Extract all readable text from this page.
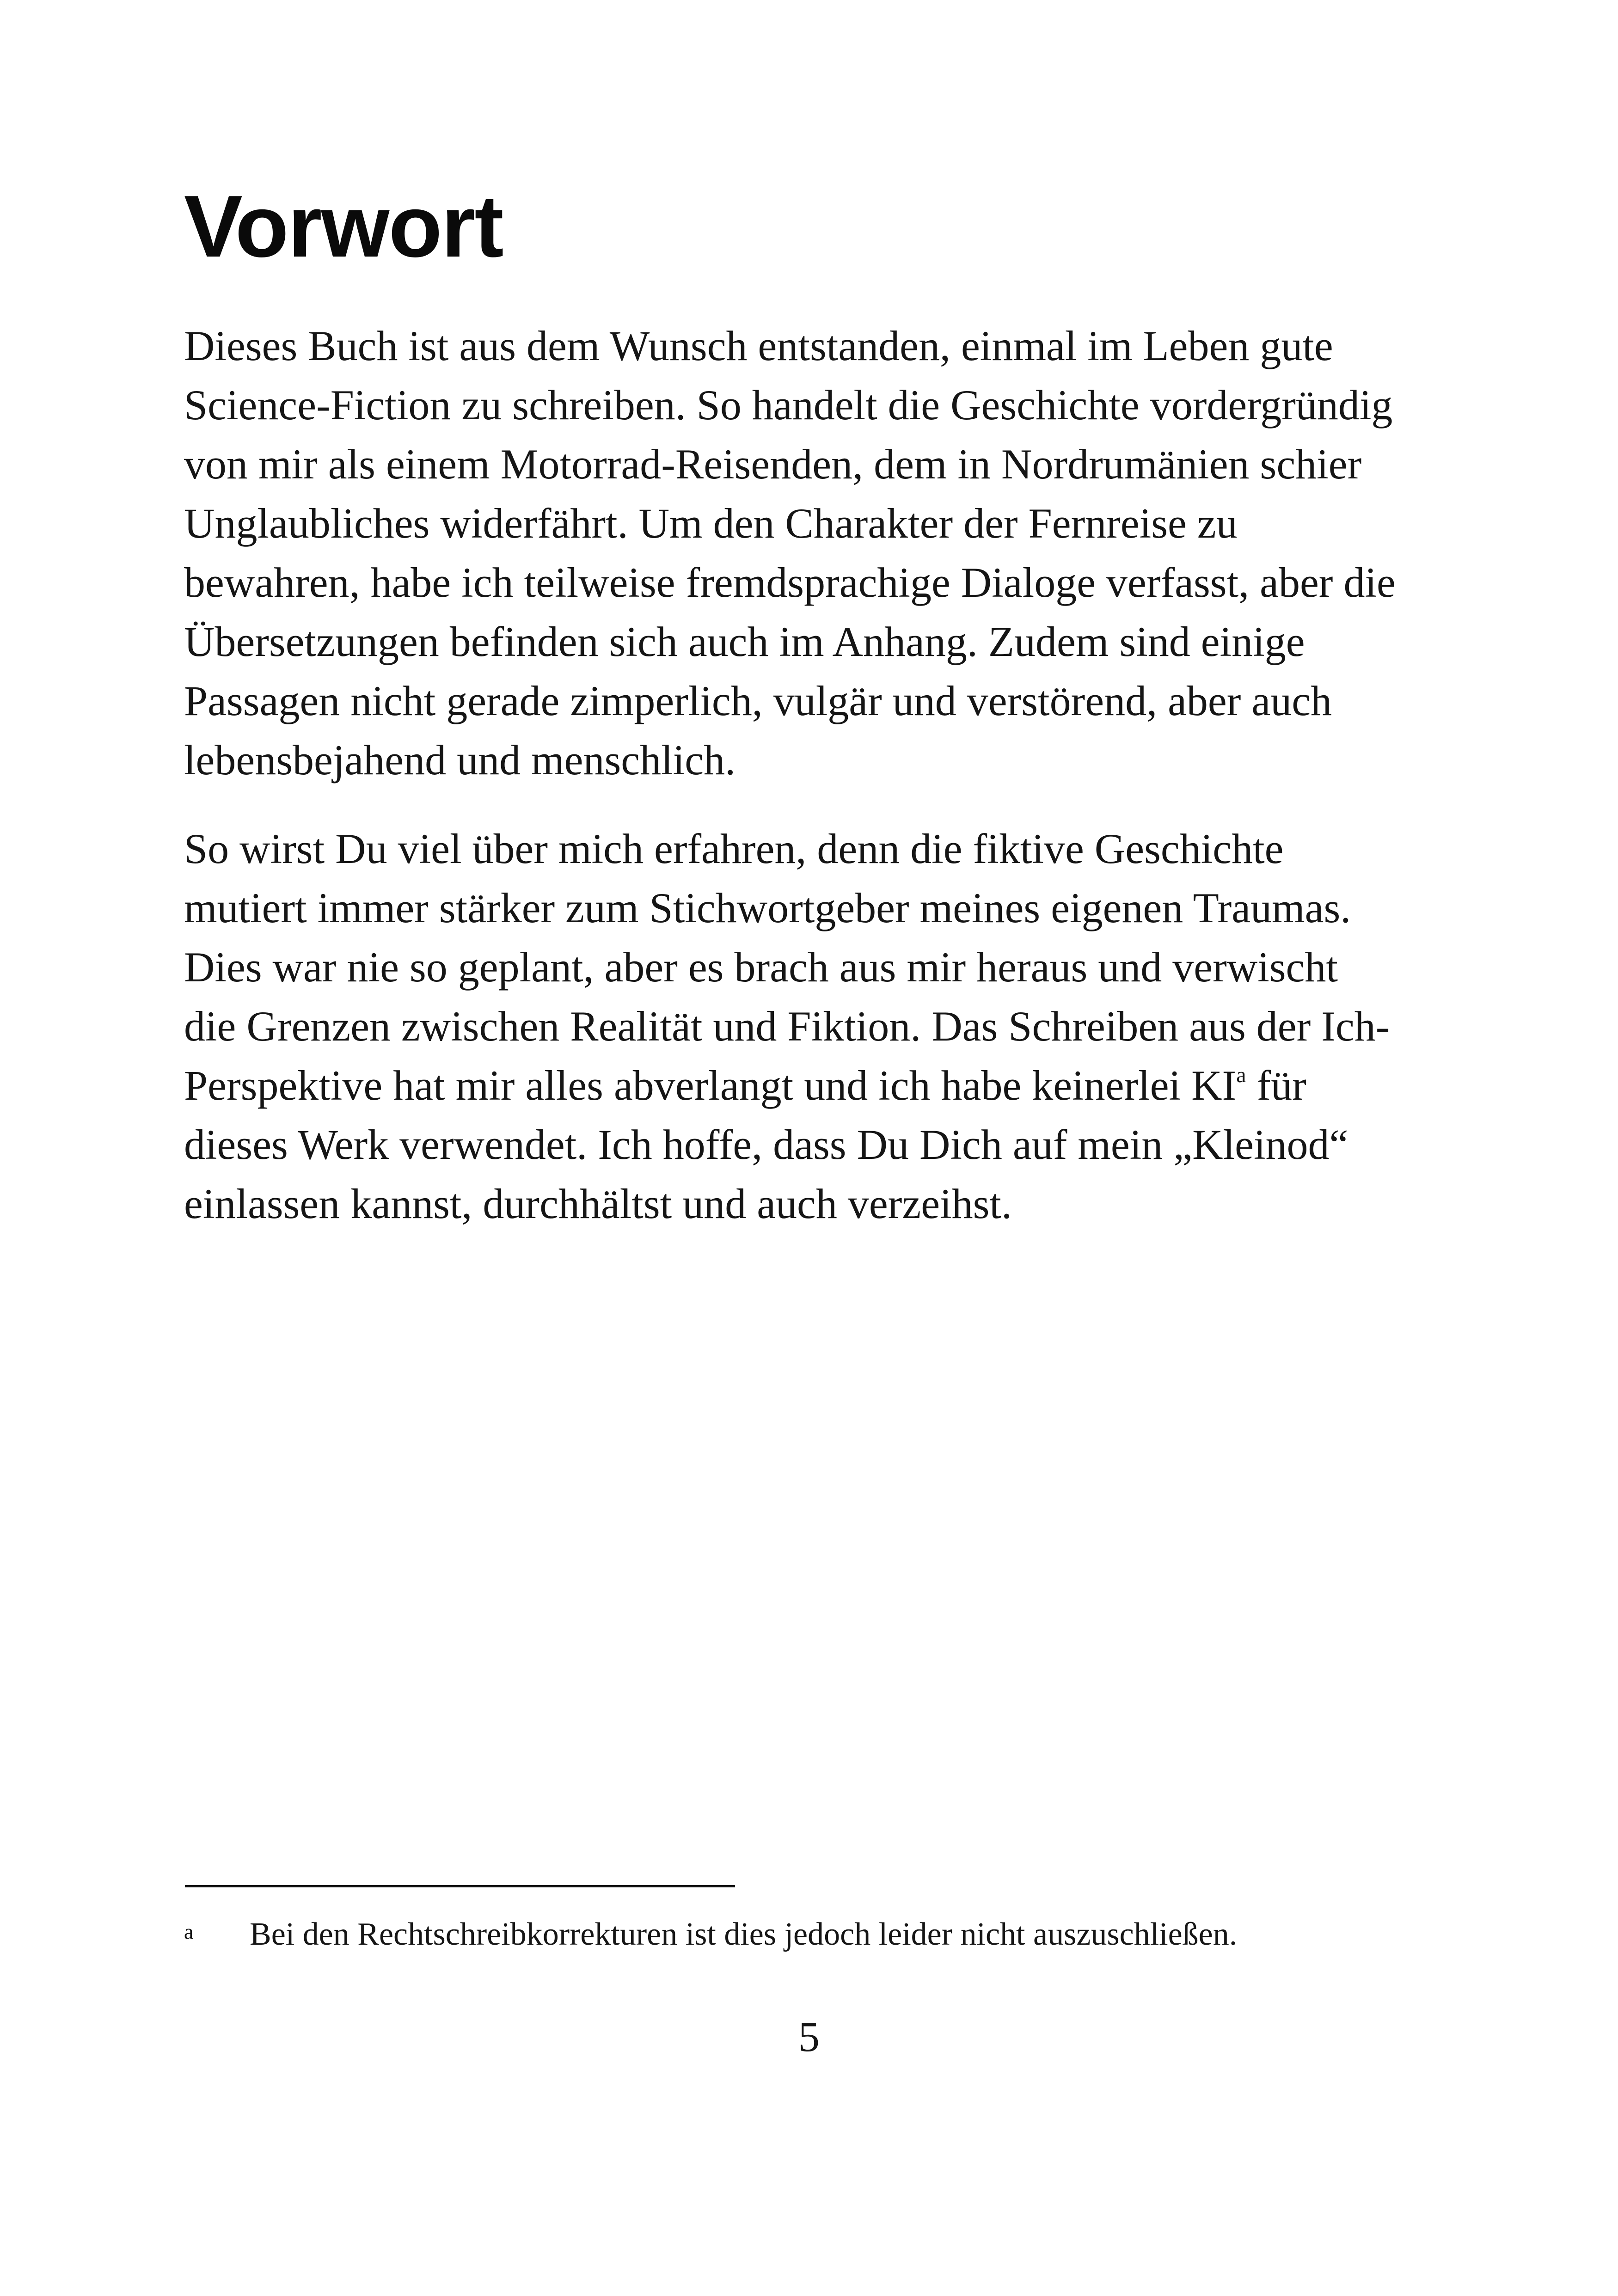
Vorwort
Dieses Buch ist aus dem Wunsch entstanden, einmal im Leben gute
Science-Fiction zu schreiben. So handelt die Geschichte vordergründig
von mir als einem Motorrad-Reisenden, dem in Nordrumänien schier
Unglaubliches widerfährt. Um den Charakter der Fernreise zu
bewahren, habe ich teilweise fremdsprachige Dialoge verfasst, aber die
Übersetzungen befinden sich auch im Anhang. Zudem sind einige
Passagen nicht gerade zimperlich, vulgär und verstörend, aber auch
lebensbejahend und menschlich.
So wirst Du viel über mich erfahren, denn die fiktive Geschichte
mutiert immer stärker zum Stichwortgeber meines eigenen Traumas.
Dies war nie so geplant, aber es brach aus mir heraus und verwischt
die Grenzen zwischen Realität und Fiktion. Das Schreiben aus der Ich-
Perspektive hat mir alles abverlangt und ich habe keinerlei KI$^a$ für
dieses Werk verwendet. Ich hoffe, dass Du Dich auf mein „Kleinod“
einlassen kannst, durchhältst und auch verzeihst.
a Bei den Rechtschreibkorrekturen ist dies jedoch leider nicht auszuschließen.
5
